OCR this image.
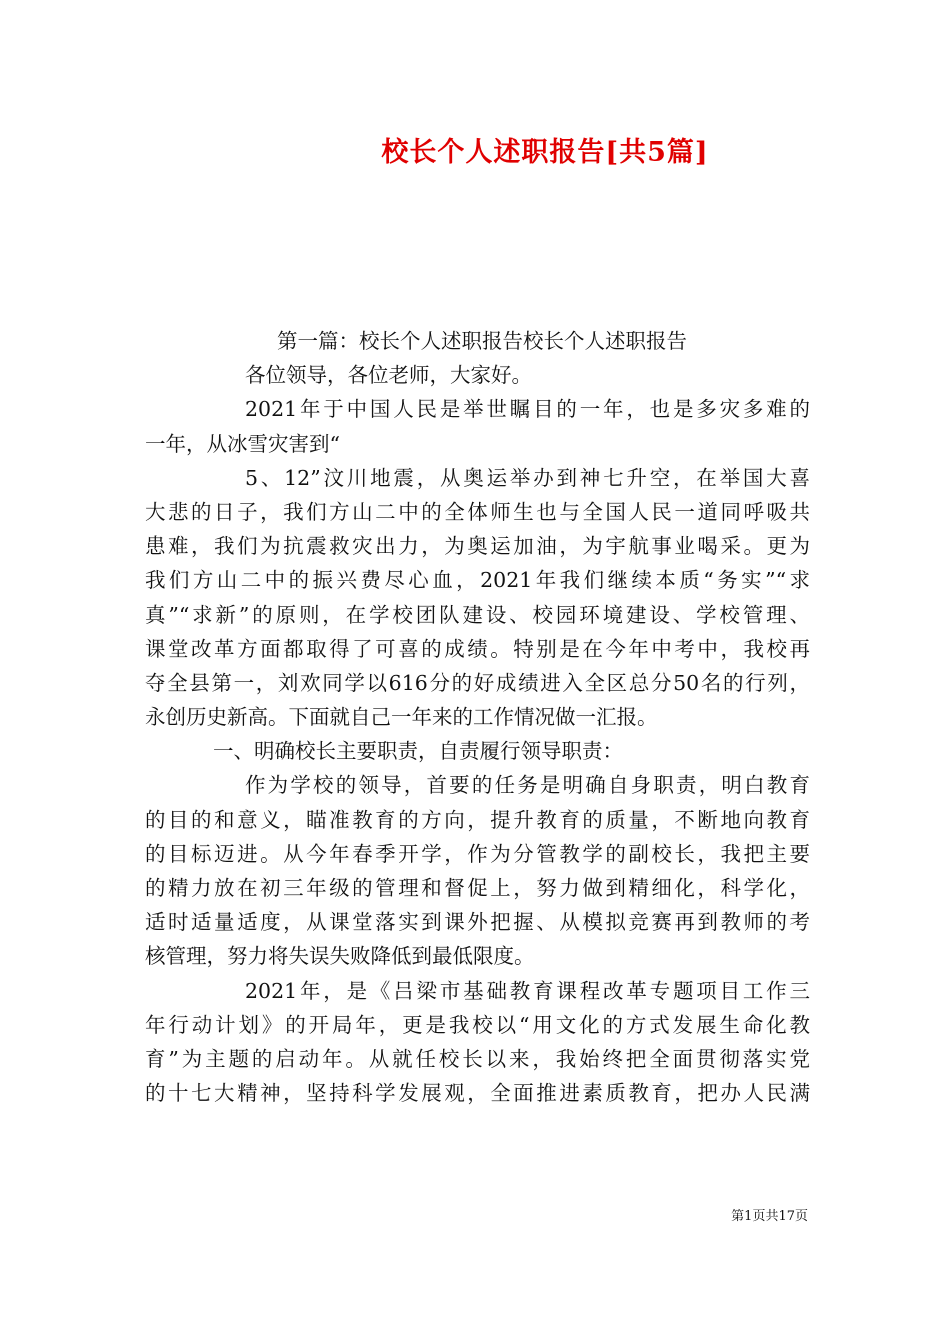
校长个人述职报告[共5篇]
第一篇：校长个人述职报告校长个人述职报告
各位领导，各位老师，大家好。
2021年于中国人民是举世瞩目的一年，也是多灾多难的
一年，从冰雪灾害到“
5、12”汶川地震，从奥运举办到神七升空，在举国大喜
大悲的日子，我们方山二中的全体师生也与全国人民一道同呼吸共
患难，我们为抗震救灾出力，为奥运加油，为宇航事业喝采。更为
我们方山二中的振兴费尽心血，2021年我们继续本质“务实”“求
真”“求新”的原则，在学校团队建设、校园环境建设、学校管理、
课堂改革方面都取得了可喜的成绩。特别是在今年中考中，我校再
夺全县第一，刘欢同学以616分的好成绩进入全区总分50名的行列，
永创历史新高。下面就自己一年来的工作情况做一汇报。
一、明确校长主要职责，自责履行领导职责：
作为学校的领导，首要的任务是明确自身职责，明白教育
的目的和意义，瞄准教育的方向，提升教育的质量，不断地向教育
的目标迈进。从今年春季开学，作为分管教学的副校长，我把主要
的精力放在初三年级的管理和督促上，努力做到精细化，科学化，
适时适量适度，从课堂落实到课外把握、从模拟竞赛再到教师的考
核管理，努力将失误失败降低到最低限度。
2021年，是《吕梁市基础教育课程改革专题项目工作三
年行动计划》的开局年，更是我校以“用文化的方式发展生命化教
育”为主题的启动年。从就任校长以来，我始终把全面贯彻落实党
的十七大精神，坚持科学发展观，全面推进素质教育，把办人民满
第1页共17页
